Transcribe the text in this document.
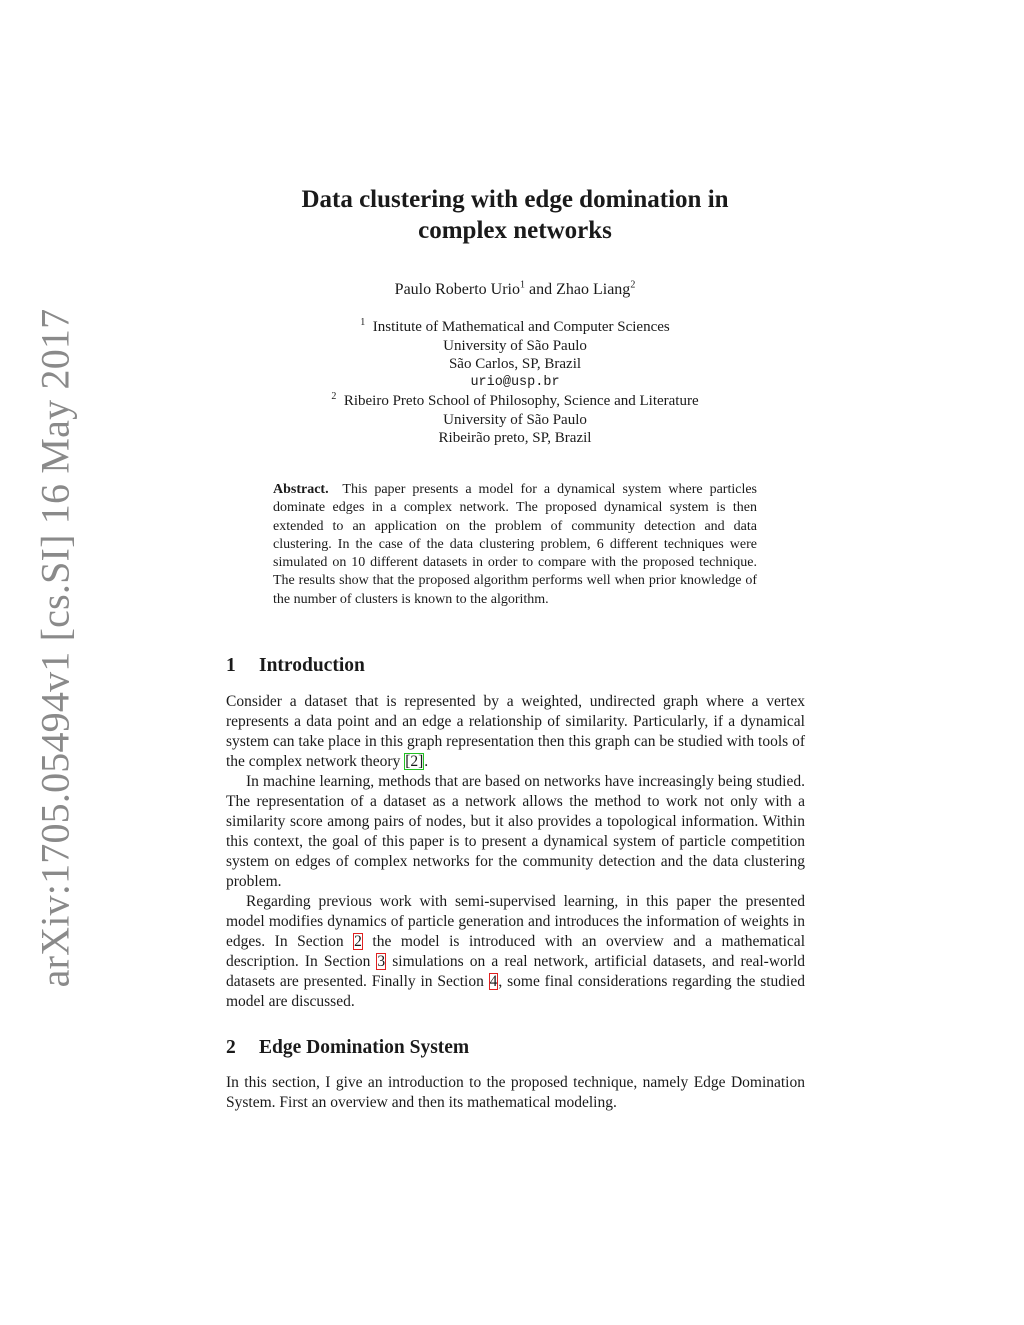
arXiv:1705.05494v1 [cs.SI] 16 May 2017
Data clustering with edge domination in
complex networks
Paulo Roberto Urio$^1$ and Zhao Liang$^2$
$^1$ Institute of Mathematical and Computer Sciences
University of São Paulo
São Carlos, SP, Brazil
urio@usp.br
$^2$ Ribeiro Preto School of Philosophy, Science and Literature
University of São Paulo
Ribeirão preto, SP, Brazil
Abstract. This paper presents a model for a dynamical system where particles dominate edges in a complex network. The proposed dynamical system is then extended to an application on the problem of community detection and data clustering. In the case of the data clustering problem, 6 different techniques were simulated on 10 different datasets in order to compare with the proposed technique. The results show that the proposed algorithm performs well when prior knowledge of the number of clusters is known to the algorithm.
1 Introduction

Consider a dataset that is represented by a weighted, undirected graph where a vertex represents a data point and an edge a relationship of similarity. Particularly, if a dynamical system can take place in this graph representation then this graph can be studied with tools of the complex network theory [2].

In machine learning, methods that are based on networks have increasingly being studied. The representation of a dataset as a network allows the method to work not only with a similarity score among pairs of nodes, but it also provides a topological information. Within this context, the goal of this paper is to present a dynamical system of particle competition system on edges of complex networks for the community detection and the data clustering problem.

Regarding previous work with semi-supervised learning, in this paper the presented model modifies dynamics of particle generation and introduces the information of weights in edges. In Section 2 the model is introduced with an overview and a mathematical description. In Section 3 simulations on a real network, artificial datasets, and real-world datasets are presented. Finally in Section 4, some final considerations regarding the studied model are discussed.

2 Edge Domination System

In this section, I give an introduction to the proposed technique, namely Edge Domination System. First an overview and then its mathematical modeling.
